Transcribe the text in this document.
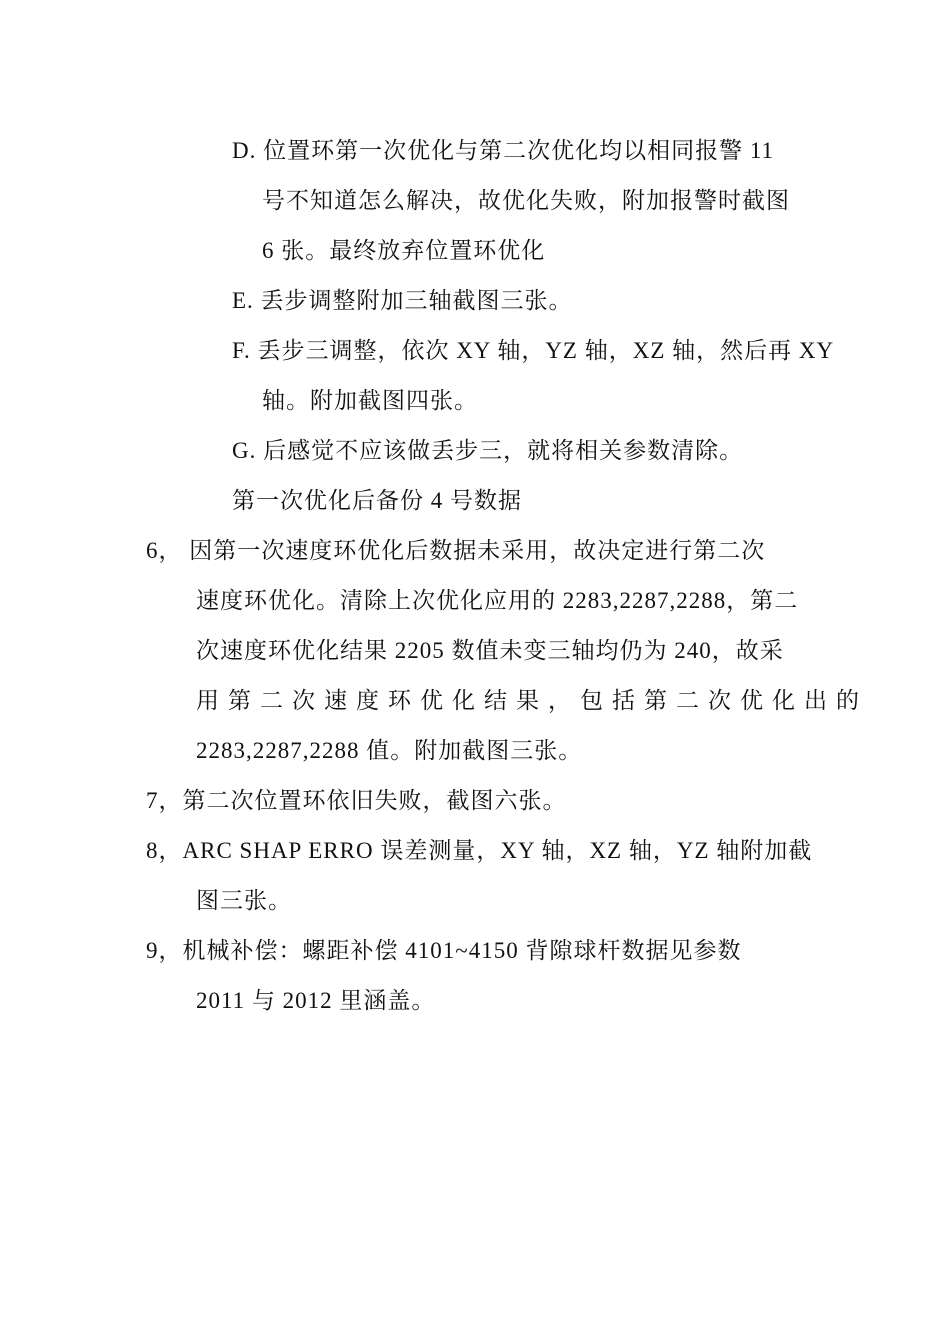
D. 位置环第一次优化与第二次优化均以相同报警 11
号不知道怎么解决，故优化失败，附加报警时截图
6 张。最终放弃位置环优化
E. 丢步调整附加三轴截图三张。
F. 丢步三调整，依次 XY 轴，YZ 轴，XZ 轴，然后再 XY
轴。附加截图四张。
G. 后感觉不应该做丢步三，就将相关参数清除。
第一次优化后备份 4 号数据
6， 因第一次速度环优化后数据未采用，故决定进行第二次
速度环优化。清除上次优化应用的 2283,2287,2288，第二
次速度环优化结果 2205 数值未变三轴均仍为 240，故采
用第二次速度环优化结果，包括第二次优化出的
2283,2287,2288 值。附加截图三张。
7，第二次位置环依旧失败，截图六张。
8，ARC SHAP ERRO 误差测量，XY 轴，XZ 轴，YZ 轴附加截
图三张。
9，机械补偿：螺距补偿 4101~4150 背隙球杆数据见参数
2011 与 2012 里涵盖。
